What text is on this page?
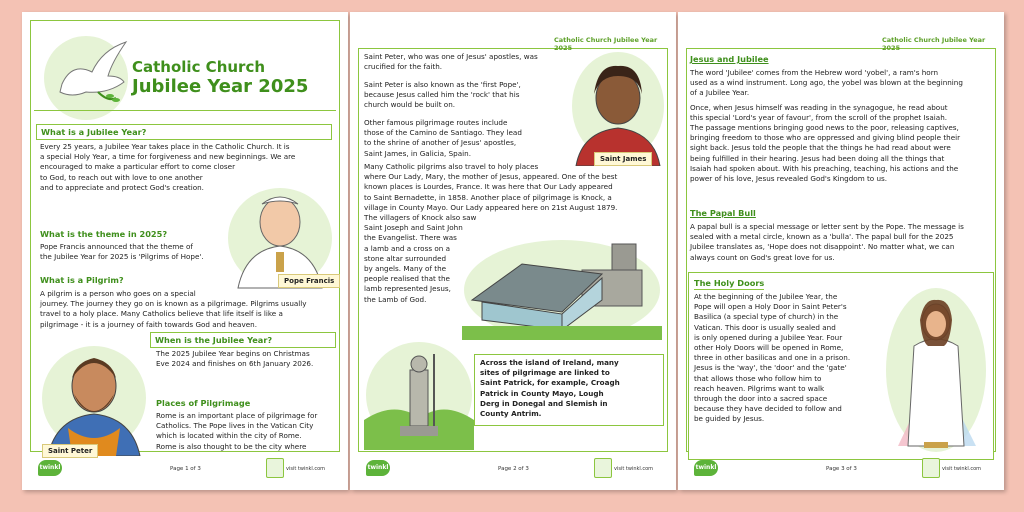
Catholic Church
Jubilee Year 2025
What is a Jubilee Year?
Every 25 years, a Jubilee Year takes place in the Catholic Church. It is
a special Holy Year, a time for forgiveness and new beginnings. We are
encouraged to make a particular effort to come closer
to God, to reach out with love to one another
and to appreciate and protect God's creation.
Pope Francis
What is the theme in 2025?
Pope Francis announced that the theme of
the Jubilee Year for 2025 is 'Pilgrims of Hope'.
What is a Pilgrim?
A pilgrim is a person who goes on a special
journey. The journey they go on is known as a pilgrimage. Pilgrims usually
travel to a holy place. Many Catholics believe that life itself is like a
pilgrimage - it is a journey of faith towards God and heaven.
Saint Peter
When is the Jubilee Year?
The 2025 Jubilee Year begins on Christmas
Eve 2024 and finishes on 6th January 2026.
Places of Pilgrimage
Rome is an important place of pilgrimage for
Catholics. The Pope lives in the Vatican City
which is located within the city of Rome.
Rome is also thought to be the city where
twinkl	Page 1 of 3	visit twinkl.com
Catholic Church Jubilee Year 2025
Saint Peter, who was one of Jesus' apostles, was
crucified for the faith.
Saint Peter is also known as the 'first Pope',
because Jesus called him the 'rock' that his
church would be built on.
Other famous pilgrimage routes include
those of the Camino de Santiago. They lead
to the shrine of another of Jesus' apostles,
Saint James, in Galicia, Spain.
Saint James
Many Catholic pilgrims also travel to holy places
where Our Lady, Mary, the mother of Jesus, appeared. One of the best
known places is Lourdes, France. It was here that Our Lady appeared
to Saint Bernadette, in 1858. Another place of pilgrimage is Knock, a
village in County Mayo. Our Lady appeared here on 21st August 1879.
The villagers of Knock also saw
Saint Joseph and Saint John
the Evangelist. There was
a lamb and a cross on a
stone altar surrounded
by angels. Many of the
people realised that the
lamb represented Jesus,
the Lamb of God.
Across the island of Ireland, many
sites of pilgrimage are linked to
Saint Patrick, for example, Croagh
Patrick in County Mayo, Lough
Derg in Donegal and Slemish in
County Antrim.
twinkl	Page 2 of 3	visit twinkl.com
Catholic Church Jubilee Year 2025
Jesus and Jubilee
The word 'Jubilee' comes from the Hebrew word 'yobel', a ram's horn
used as a wind instrument. Long ago, the yobel was blown at the beginning
of a Jubilee Year.
Once, when Jesus himself was reading in the synagogue, he read about
this special 'Lord's year of favour', from the scroll of the prophet Isaiah.
The passage mentions bringing good news to the poor, releasing captives,
bringing freedom to those who are oppressed and giving blind people their
sight back. Jesus told the people that the things he had read about were
being fulfilled in their hearing. Jesus had been doing all the things that
Isaiah had spoken about. With his preaching, teaching, his actions and the
power of his love, Jesus revealed God's Kingdom to us.
The Papal Bull
A papal bull is a special message or letter sent by the Pope. The message is
sealed with a metal circle, known as a 'bulla'. The papal bull for the 2025
Jubilee translates as, 'Hope does not disappoint'. No matter what, we can
always count on God's great love for us.
The Holy Doors
At the beginning of the Jubilee Year, the
Pope will open a Holy Door in Saint Peter's
Basilica (a special type of church) in the
Vatican. This door is usually sealed and
is only opened during a Jubilee Year. Four
other Holy Doors will be opened in Rome,
three in other basilicas and one in a prison.
Jesus is the 'way', the 'door' and the 'gate'
that allows those who follow him to
reach heaven. Pilgrims want to walk
through the door into a sacred space
because they have decided to follow and
be guided by Jesus.
twinkl	Page 3 of 3	visit twinkl.com
